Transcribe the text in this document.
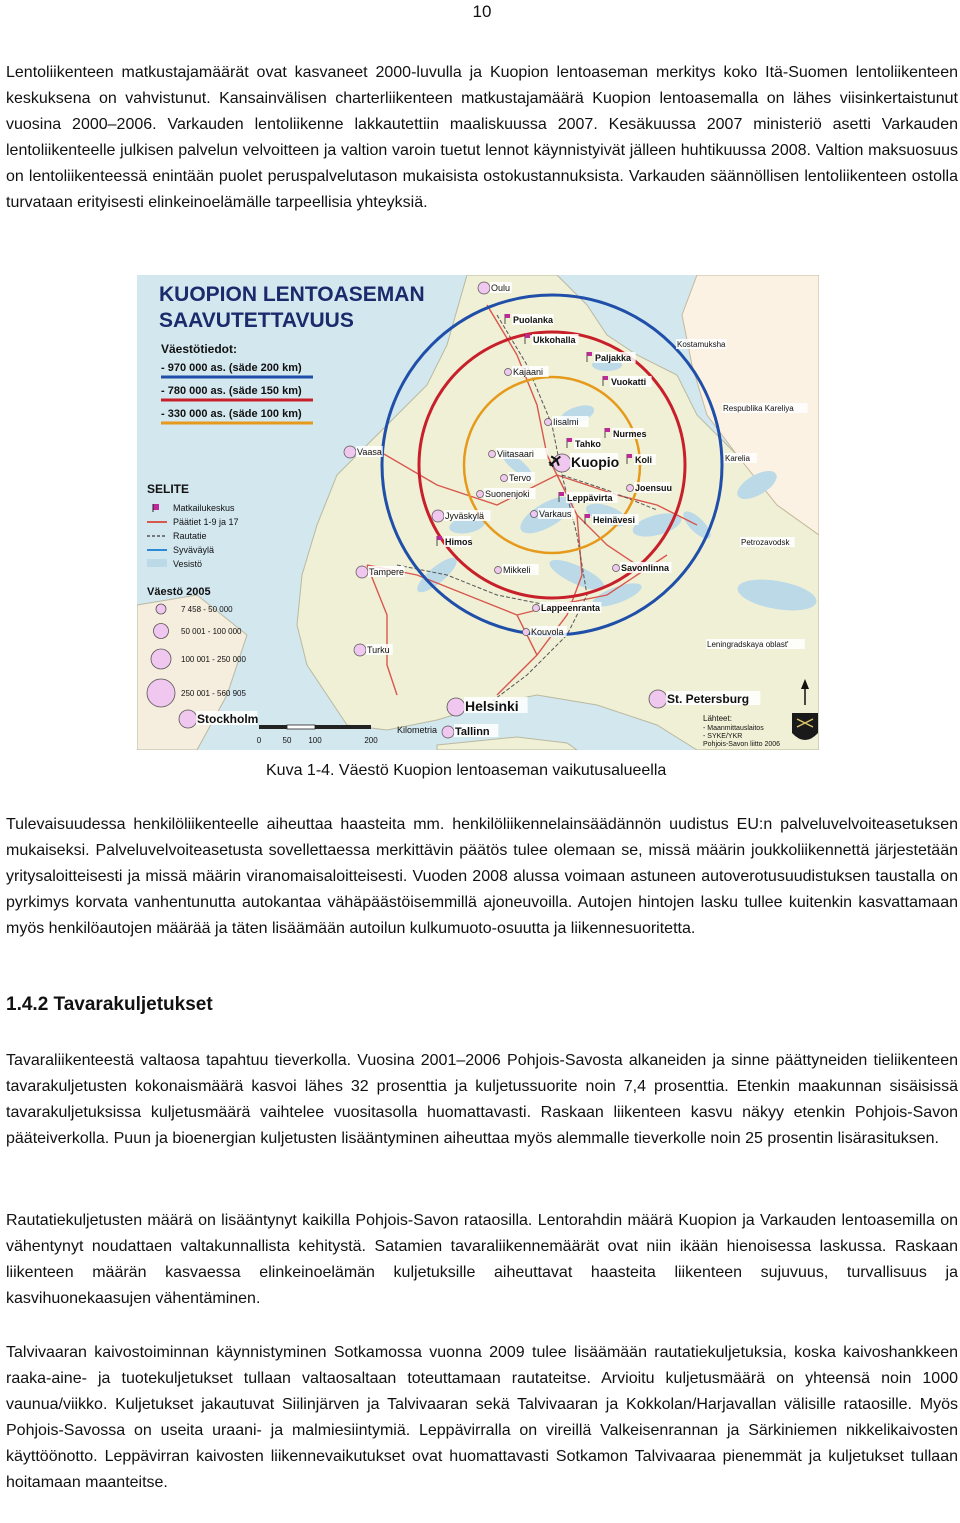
10

Lentoliikenteen matkustajamäärät ovat kasvaneet 2000-luvulla ja Kuopion lentoaseman merkitys koko Itä-Suomen lentoliikenteen keskuksena on vahvistunut. Kansainvälisen charterliikenteen matkustajamäärä Kuopion lentoasemalla on lähes viisinkertaistunut vuosina 2000–2006. Varkauden lentoliikenne lakkautettiin maaliskuussa 2007. Kesäkuussa 2007 ministeriö asetti Varkauden lentoliikenteelle julkisen palvelun velvoitteen ja valtion varoin tuetut lennot käynnistyivät jälleen huhtikuussa 2008. Valtion maksuosuus on lentoliikenteessä enintään puolet peruspalvelutason mukaisista ostokustannuksista. Varkauden säännöllisen lentoliikenteen ostolla turvataan erityisesti elinkeinoelämälle tarpeellisia yhteyksiä.

KUOPION LENTOASEMAN
SAAVUTETTAVUUS
Väestötiedot:
- 970 000 as. (säde 200 km)
- 780 000 as. (säde 150 km)
- 330 000 as. (säde 100 km)
SELITE
Matkailukeskus
Päätiet 1-9 ja 17
Rautatie
Syväväylä
Vesistö
Väestö 2005
7 458 - 50 000
50 001 - 100 000
100 001 - 250 000
250 001 - 560 905
Oulu
Puolanka
Kostamuksha
Ukkohalla
Paljakka
Kajaani
Vuokatti
Respublika Kareliya
Iisalmi
Nurmes
Tahko
Vaasa	Viitasaari	Kuopio Koli	Karelia
Tervo
Joensuu
Suonenjoki	Leppävirta
Jyväskylä	Varkaus
Heinävesi
Himos	Petrozavodsk
Tampere	Mikkeli	Savonlinna
Lappeenranta
Kouvola
Turku
Leningradskaya oblast'
Helsinki	St. Petersburg
Stockholm
Tallinn
0	50 100	200
Kilometria
Lähteet:
- Maanmittauslaitos
- SYKE/YKR
Pohjois-Savon liitto 2006
Kuva 1-4. Väestö Kuopion lentoaseman vaikutusalueella

Tulevaisuudessa henkilöliikenteelle aiheuttaa haasteita mm. henkilöliikennelainsäädännön uudistus EU:n palveluvelvoiteasetuksen mukaiseksi. Palveluvelvoiteasetusta sovellettaessa merkittävin päätös tulee olemaan se, missä määrin joukkoliikennettä järjestetään yritysaloitteisesti ja missä määrin viranomaisaloitteisesti. Vuoden 2008 alussa voimaan astuneen autoverotusuudistuksen taustalla on pyrkimys korvata vanhentunutta autokantaa vähäpäästöisemmillä ajoneuvoilla. Autojen hintojen lasku tullee kuitenkin kasvattamaan myös henkilöautojen määrää ja täten lisäämään autoilun kulkumuoto-osuutta ja liikennesuoritetta.

1.4.2 Tavarakuljetukset

Tavaraliikenteestä valtaosa tapahtuu tieverkolla. Vuosina 2001–2006 Pohjois-Savosta alkaneiden ja sinne päättyneiden tieliikenteen tavarakuljetusten kokonaismäärä kasvoi lähes 32 prosenttia ja kuljetussuorite noin 7,4 prosenttia. Etenkin maakunnan sisäisissä tavarakuljetuksissa kuljetusmäärä vaihtelee vuositasolla huomattavasti. Raskaan liikenteen kasvu näkyy etenkin Pohjois-Savon pääteiverkolla. Puun ja bioenergian kuljetusten lisääntyminen aiheuttaa myös alemmalle tieverkolle noin 25 prosentin lisärasituksen.

Rautatiekuljetusten määrä on lisääntynyt kaikilla Pohjois-Savon rataosilla. Lentorahdin määrä Kuopion ja Varkauden lentoasemilla on vähentynyt noudattaen valtakunnallista kehitystä. Satamien tavaraliikennemäärät ovat niin ikään hienoisessa laskussa. Raskaan liikenteen määrän kasvaessa elinkeinoelämän kuljetuksille aiheuttavat haasteita liikenteen sujuvuus, turvallisuus ja kasvihuonekaasujen vähentäminen.

Talvivaaran kaivostoiminnan käynnistyminen Sotkamossa vuonna 2009 tulee lisäämään rautatiekuljetuksia, koska kaivoshankkeen raaka-aine- ja tuotekuljetukset tullaan valtaosaltaan toteuttamaan rautateitse. Arvioitu kuljetusmäärä on yhteensä noin 1000 vaunua/viikko. Kuljetukset jakautuvat Siilinjärven ja Talvivaaran sekä Talvivaaran ja Kokkolan/Harjavallan välisille rataosille. Myös Pohjois-Savossa on useita uraani- ja malmiesiintymiä. Leppävirralla on vireillä Valkeisenrannan ja Särkiniemen nikkelikaivosten käyttöönotto. Leppävirran kaivosten liikennevaikutukset ovat huomattavasti Sotkamon Talvivaaraa pienemmät ja kuljetukset tullaan hoitamaan maanteitse.
